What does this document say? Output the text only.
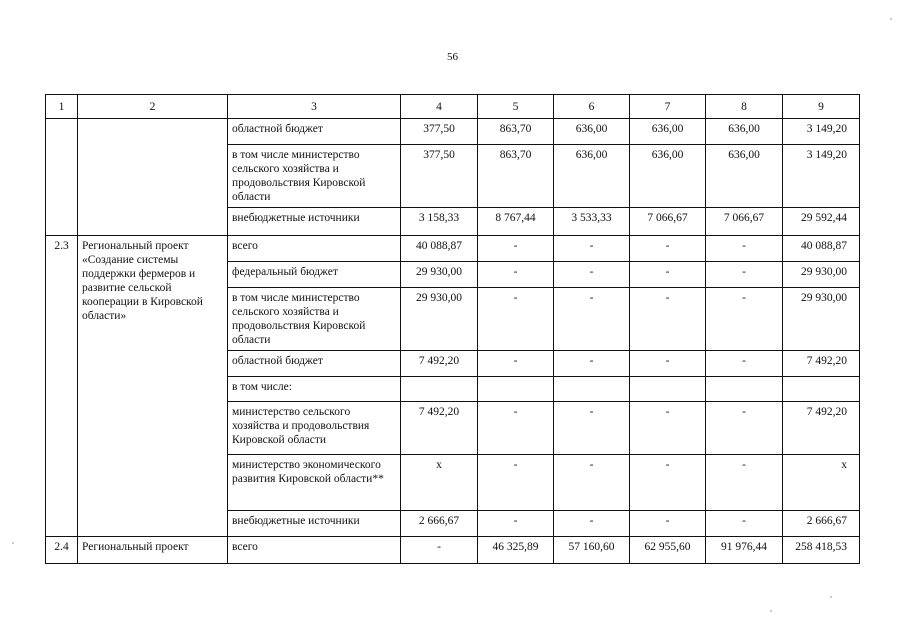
56
1	2	3	4	5	6	7	8	9
		областной бюджет	377,50	863,70	636,00	636,00	636,00	3 149,20
		в том числе министерство сельского хозяйства и продовольствия Кировской области	377,50	863,70	636,00	636,00	636,00	3 149,20
		внебюджетные источники	3 158,33	8 767,44	3 533,33	7 066,67	7 066,67	29 592,44
2.3	Региональный проект «Создание системы поддержки фермеров и развитие сельской кооперации в Кировской области»	всего	40 088,87	-	-	-	-	40 088,87
		федеральный бюджет	29 930,00	-	-	-	-	29 930,00
		в том числе министерство сельского хозяйства и продовольствия Кировской области	29 930,00	-	-	-	-	29 930,00
		областной бюджет	7 492,20	-	-	-	-	7 492,20
		в том числе:						
		министерство сельского хозяйства и продовольствия Кировской области	7 492,20	-	-	-	-	7 492,20
		министерство экономического развития Кировской области**	x	-	-	-	-	x
		внебюджетные источники	2 666,67	-	-	-	-	2 666,67
2.4	Региональный проект	всего	-	46 325,89	57 160,60	62 955,60	91 976,44	258 418,53
